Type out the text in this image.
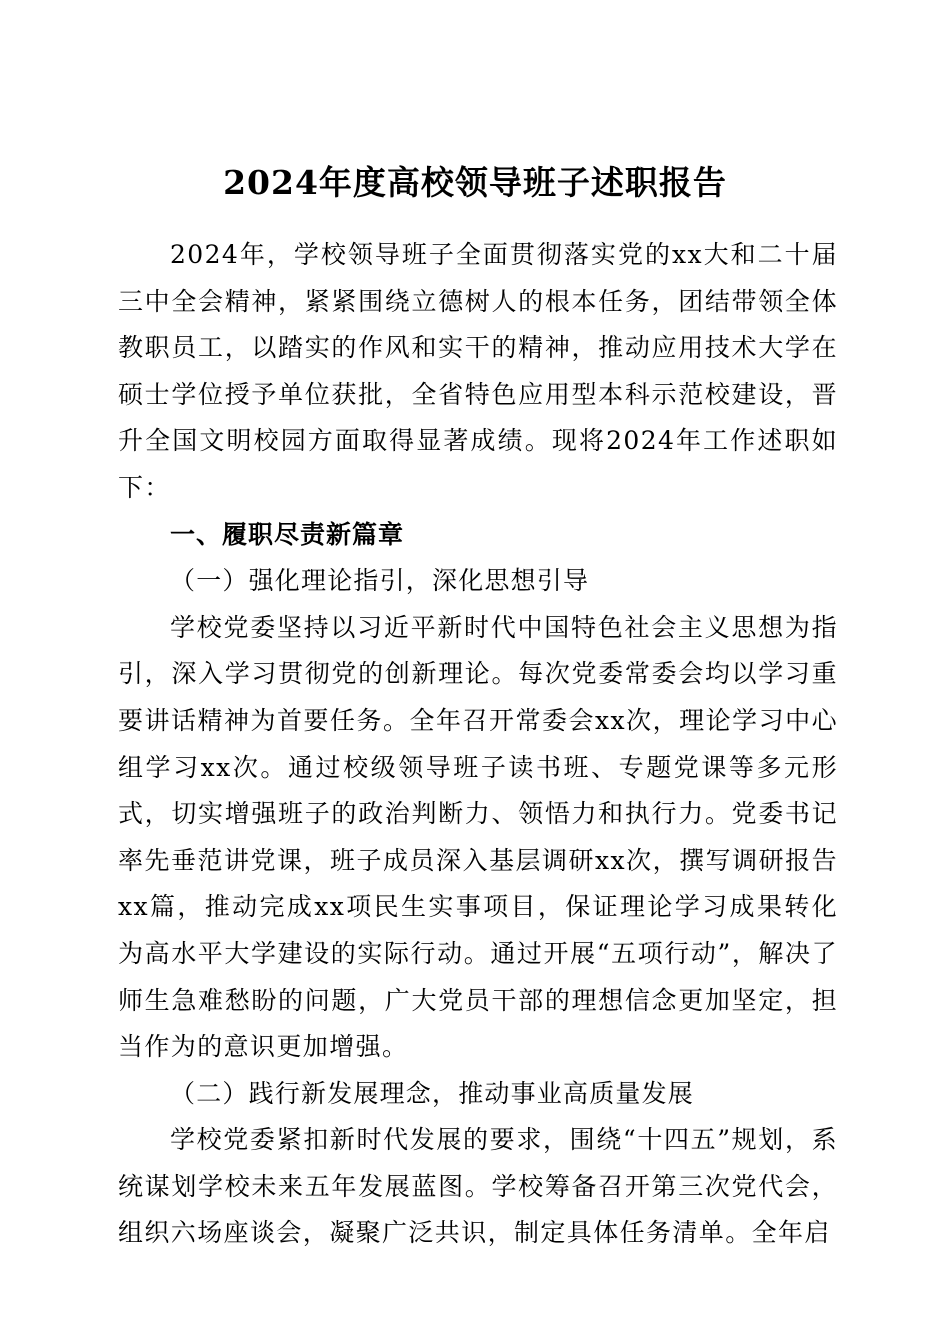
2024年度高校领导班子述职报告

2024年，学校领导班子全面贯彻落实党的xx大和二十届三中全会精神，紧紧围绕立德树人的根本任务，团结带领全体教职员工，以踏实的作风和实干的精神，推动应用技术大学在硕士学位授予单位获批，全省特色应用型本科示范校建设，晋升全国文明校园方面取得显著成绩。现将2024年工作述职如下：

一、履职尽责新篇章

（一）强化理论指引，深化思想引导

学校党委坚持以习近平新时代中国特色社会主义思想为指引，深入学习贯彻党的创新理论。每次党委常委会均以学习重要讲话精神为首要任务。全年召开常委会xx次，理论学习中心组学习xx次。通过校级领导班子读书班、专题党课等多元形式，切实增强班子的政治判断力、领悟力和执行力。党委书记率先垂范讲党课，班子成员深入基层调研xx次，撰写调研报告xx篇，推动完成xx项民生实事项目，保证理论学习成果转化为高水平大学建设的实际行动。通过开展“五项行动”，解决了师生急难愁盼的问题，广大党员干部的理想信念更加坚定，担当作为的意识更加增强。

（二）践行新发展理念，推动事业高质量发展

学校党委紧扣新时代发展的要求，围绕“十四五”规划，系统谋划学校未来五年发展蓝图。学校筹备召开第三次党代会，组织六场座谈会，凝聚广泛共识，制定具体任务清单。全年启
